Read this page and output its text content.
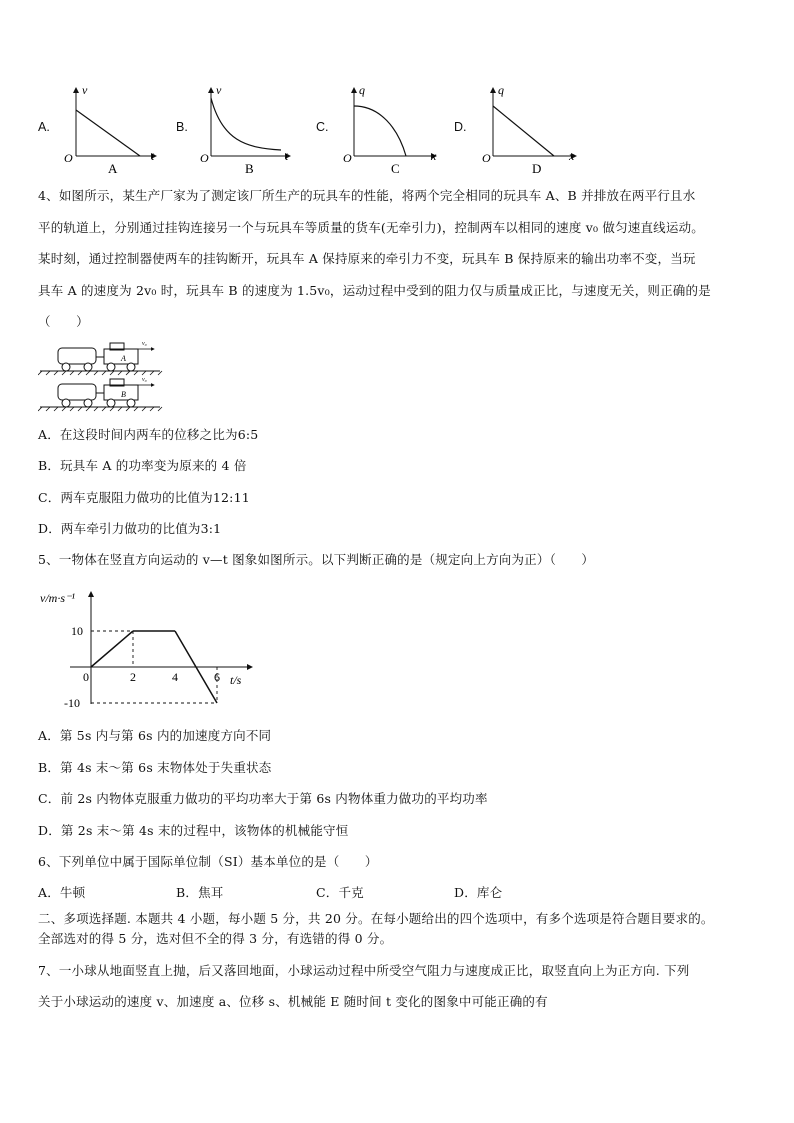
v
t
O
A
v
t
O
B
q
x
O
C
q
x
O
D
A.	B.	C.	D.
4、如图所示，某生产厂家为了测定该厂所生产的玩具车的性能，将两个完全相同的玩具车 A、B 并排放在两平行且水
平的轨道上，分别通过挂钩连接另一个与玩具车等质量的货车(无牵引力)，控制两车以相同的速度 v₀ 做匀速直线运动。
某时刻，通过控制器使两车的挂钩断开，玩具车 A 保持原来的牵引力不变，玩具车 B 保持原来的输出功率不变，当玩
具车 A 的速度为 2v₀ 时，玩具车 B 的速度为 1.5v₀，运动过程中受到的阻力仅与质量成正比，与速度无关，则正确的是
（　　）
A
v₀
B
v₀
A．在这段时间内两车的位移之比为6:5
B．玩具车 A 的功率变为原来的 4 倍
C．两车克服阻力做功的比值为12:11
D．两车牵引力做功的比值为3:1
5、一物体在竖直方向运动的 v—t 图象如图所示。以下判断正确的是（规定向上方向为正）（　　）
v/m·s⁻¹
t/s
0	2	4	6
10
-10
A．第 5s 内与第 6s 内的加速度方向不同
B．第 4s 末～第 6s 末物体处于失重状态
C．前 2s 内物体克服重力做功的平均功率大于第 6s 内物体重力做功的平均功率
D．第 2s 末～第 4s 末的过程中，该物体的机械能守恒
6、下列单位中属于国际单位制（SI）基本单位的是（　　）
A．牛顿	B．焦耳	C．千克	D．库仑
二、多项选择题. 本题共 4 小题，每小题 5 分，共 20 分。在每小题给出的四个选项中，有多个选项是符合题目要求的。
全部选对的得 5 分，选对但不全的得 3 分，有选错的得 0 分。
7、一小球从地面竖直上抛，后又落回地面，小球运动过程中所受空气阻力与速度成正比，取竖直向上为正方向. 下列
关于小球运动的速度 v、加速度 a、位移 s、机械能 E 随时间 t 变化的图象中可能正确的有
